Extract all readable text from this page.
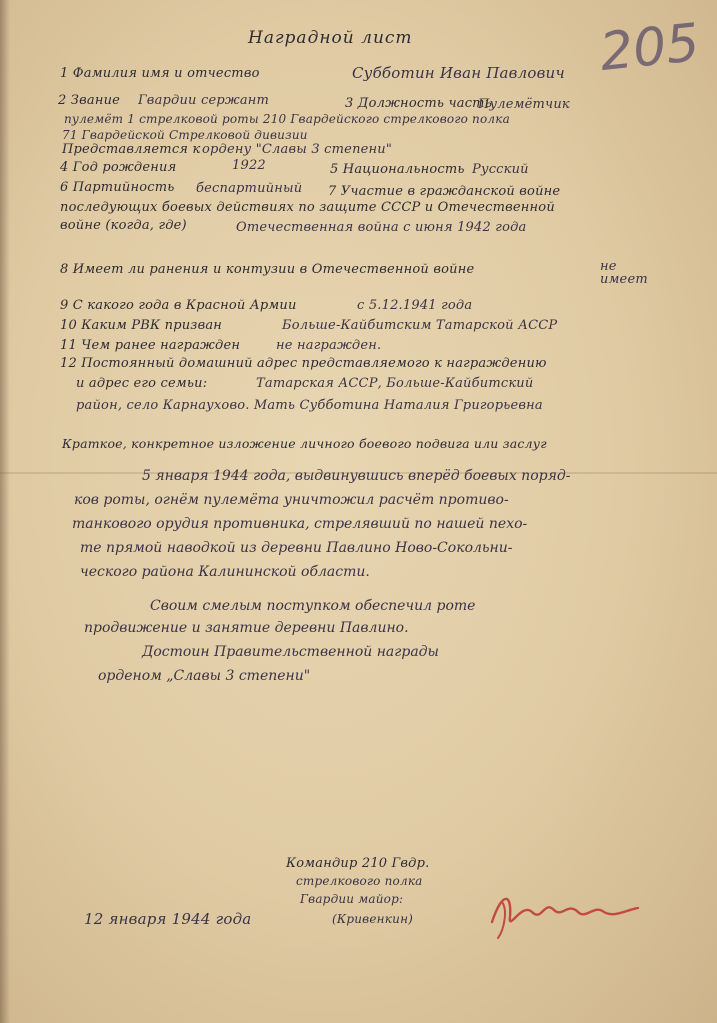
205
Наградной лист
1 Фамилия имя и отчество	Субботин Иван Павлович
2 Звание Гвардии сержант	3 Должность часть
Пулемётчик
пулемёт 1 стрелковой роты 210 Гвардейского стрелкового полка
71 Гвардейской Стрелковой дивизии
Представляется к ордену "Славы 3 степени"
4 Год рождения	1922	5 Национальность Русский
6 Партийность беспартийный 7 Участие в гражданской войне
последующих боевых действиях по защите СССР и Отечественной
войне (когда, где)	Отечественная война с июня 1942 года
8 Имеет ли ранения и контузии в Отечественной войне	не имеет
9 С какого года в Красной Армии	с 5.12.1941 года
10 Каким РВК призван	Больше-Кайбитским Татарской АССР
11 Чем ранее награжден	не награжден.
12 Постоянный домашний адрес представляемого к награждению
и адрес его семьи:	Татарская АССР, Больше-Кайбитский
район, село Карнаухово. Мать Субботина Наталия Григорьевна
Краткое, конкретное изложение личного боевого подвига или заслуг
5 января 1944 года, выдвинувшись вперёд боевых поряд-
ков роты, огнём пулемёта уничтожил расчёт противо-
танкового орудия противника, стрелявший по нашей пехо-
те прямой наводкой из деревни Павлино Ново-Сокольни-
ческого района Калининской области.
Своим смелым поступком обеспечил роте
продвижение и занятие деревни Павлино.
Достоин Правительственной награды
орденом „Славы 3 степени"
Командир 210 Гвдр.
стрелкового полка
Гвардии майор:
(Кривенкин)
12 января 1944 года
